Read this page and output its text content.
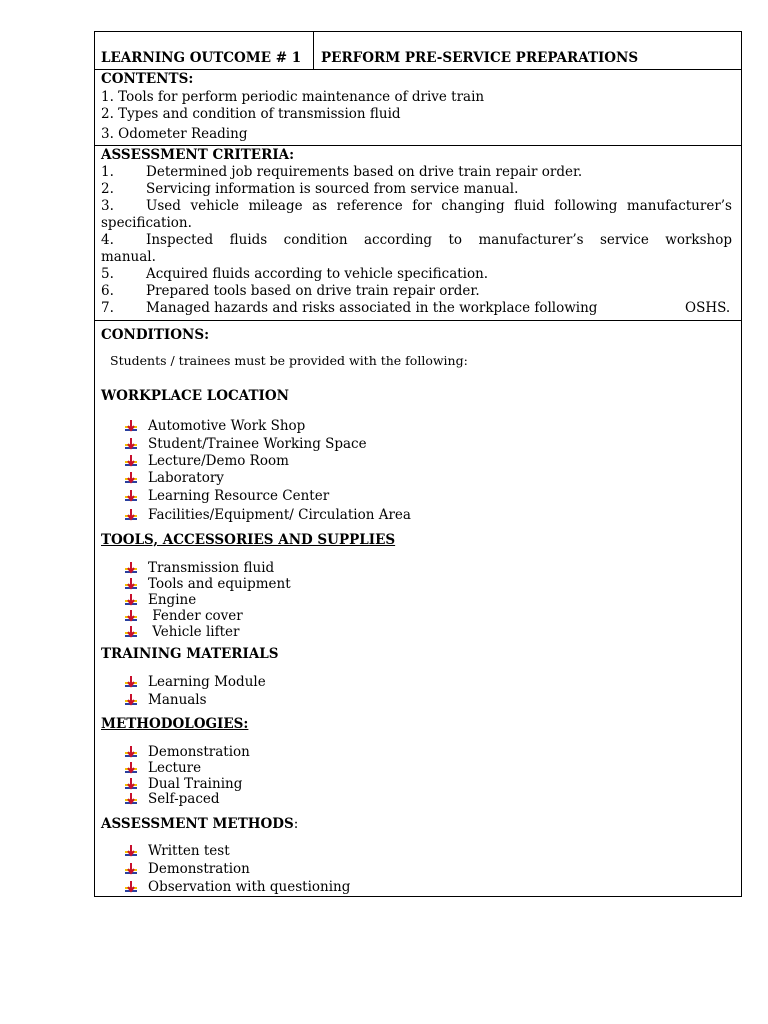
LEARNING OUTCOME # 1 PERFORM PRE-SERVICE PREPARATIONS
CONTENTS:
1. Tools for perform periodic maintenance of drive train
2. Types and condition of transmission fluid
3. Odometer Reading
ASSESSMENT CRITERIA:
1. Determined job requirements based on drive train repair order.
2. Servicing information is sourced from service manual.
3. Used vehicle mileage as reference for changing fluid following manufacturer’s
specification.
4. Inspected fluids condition according to manufacturer’s service workshop
manual.
5. Acquired fluids according to vehicle specification.
6. Prepared tools based on drive train repair order.
7. Managed hazards and risks associated in the workplace following	OSHS.
CONDITIONS:
Students / trainees must be provided with the following:
WORKPLACE LOCATION
TOOLS, ACCESSORIES AND SUPPLIES
TRAINING MATERIALS
METHODOLOGIES:
ASSESSMENT METHODS:
Automotive Work Shop
Student/Trainee Working Space
Lecture/Demo Room
Laboratory
Learning Resource Center
Facilities/Equipment/ Circulation Area
Transmission fluid
Tools and equipment
Engine
Fender cover
Vehicle lifter
Learning Module
Manuals
Demonstration
Lecture
Dual Training
Self-paced
Written test
Demonstration
Observation with questioning
